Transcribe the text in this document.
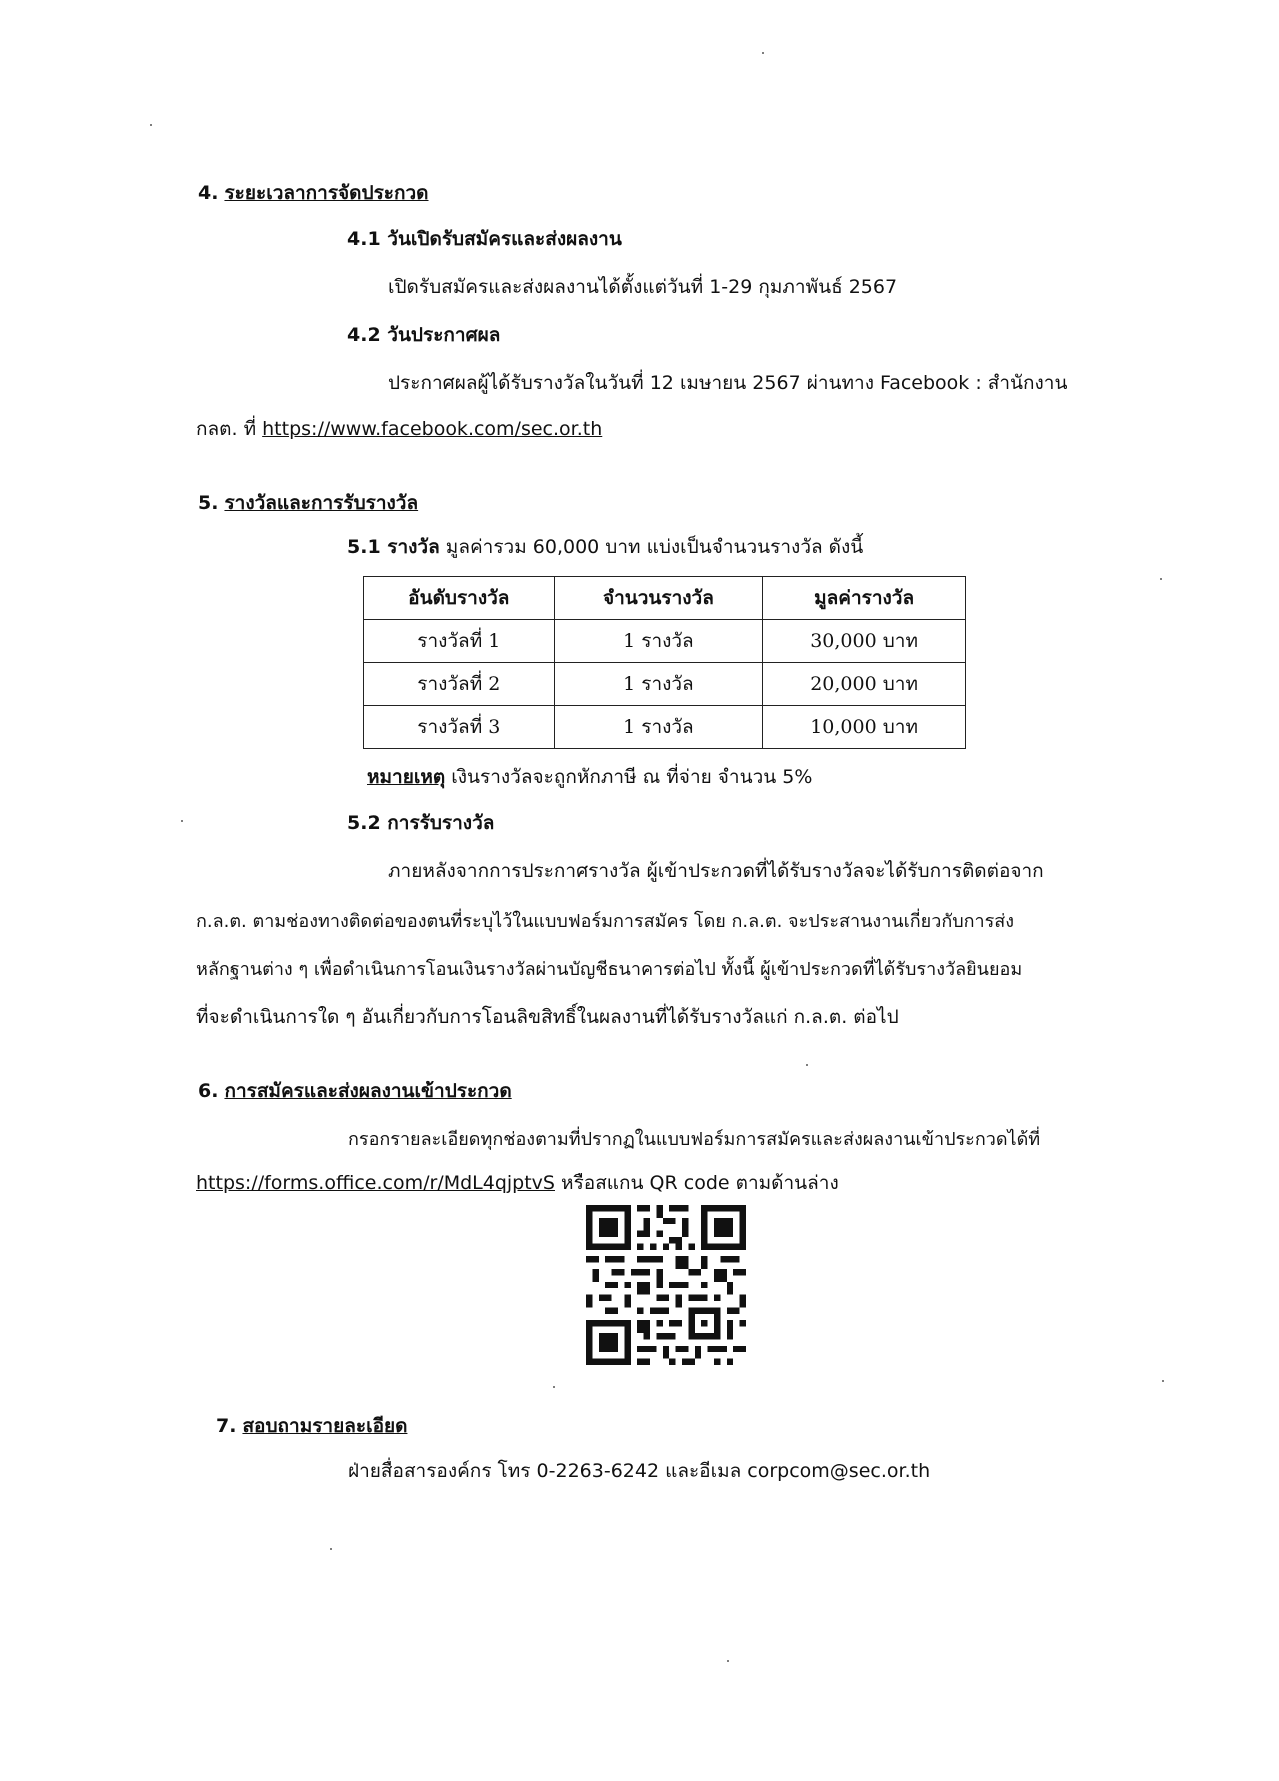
4. ระยะเวลาการจัดประกวด
4.1 วันเปิดรับสมัครและส่งผลงาน
เปิดรับสมัครและส่งผลงานได้ตั้งแต่วันที่ 1-29 กุมภาพันธ์ 2567
4.2 วันประกาศผล
ประกาศผลผู้ได้รับรางวัลในวันที่ 12 เมษายน 2567 ผ่านทาง Facebook : สำนักงาน
กลต. ที่ https://www.facebook.com/sec.or.th
5. รางวัลและการรับรางวัล
5.1 รางวัล มูลค่ารวม 60,000 บาท แบ่งเป็นจำนวนรางวัล ดังนี้
อันดับรางวัล	จำนวนรางวัล	มูลค่ารางวัล
รางวัลที่ 1	1 รางวัล	30,000 บาท
รางวัลที่ 2	1 รางวัล	20,000 บาท
รางวัลที่ 3	1 รางวัล	10,000 บาท
หมายเหตุ เงินรางวัลจะถูกหักภาษี ณ ที่จ่าย จำนวน 5%
5.2 การรับรางวัล
ภายหลังจากการประกาศรางวัล ผู้เข้าประกวดที่ได้รับรางวัลจะได้รับการติดต่อจาก
ก.ล.ต. ตามช่องทางติดต่อของตนที่ระบุไว้ในแบบฟอร์มการสมัคร โดย ก.ล.ต. จะประสานงานเกี่ยวกับการส่ง
หลักฐานต่าง ๆ เพื่อดำเนินการโอนเงินรางวัลผ่านบัญชีธนาคารต่อไป ทั้งนี้ ผู้เข้าประกวดที่ได้รับรางวัลยินยอม
ที่จะดำเนินการใด ๆ อันเกี่ยวกับการโอนลิขสิทธิ์ในผลงานที่ได้รับรางวัลแก่ ก.ล.ต. ต่อไป
6. การสมัครและส่งผลงานเข้าประกวด
กรอกรายละเอียดทุกช่องตามที่ปรากฏในแบบฟอร์มการสมัครและส่งผลงานเข้าประกวดได้ที่
https://forms.office.com/r/MdL4qjptvS หรือสแกน QR code ตามด้านล่าง
7. สอบถามรายละเอียด
ฝ่ายสื่อสารองค์กร โทร 0-2263-6242 และอีเมล corpcom@sec.or.th
